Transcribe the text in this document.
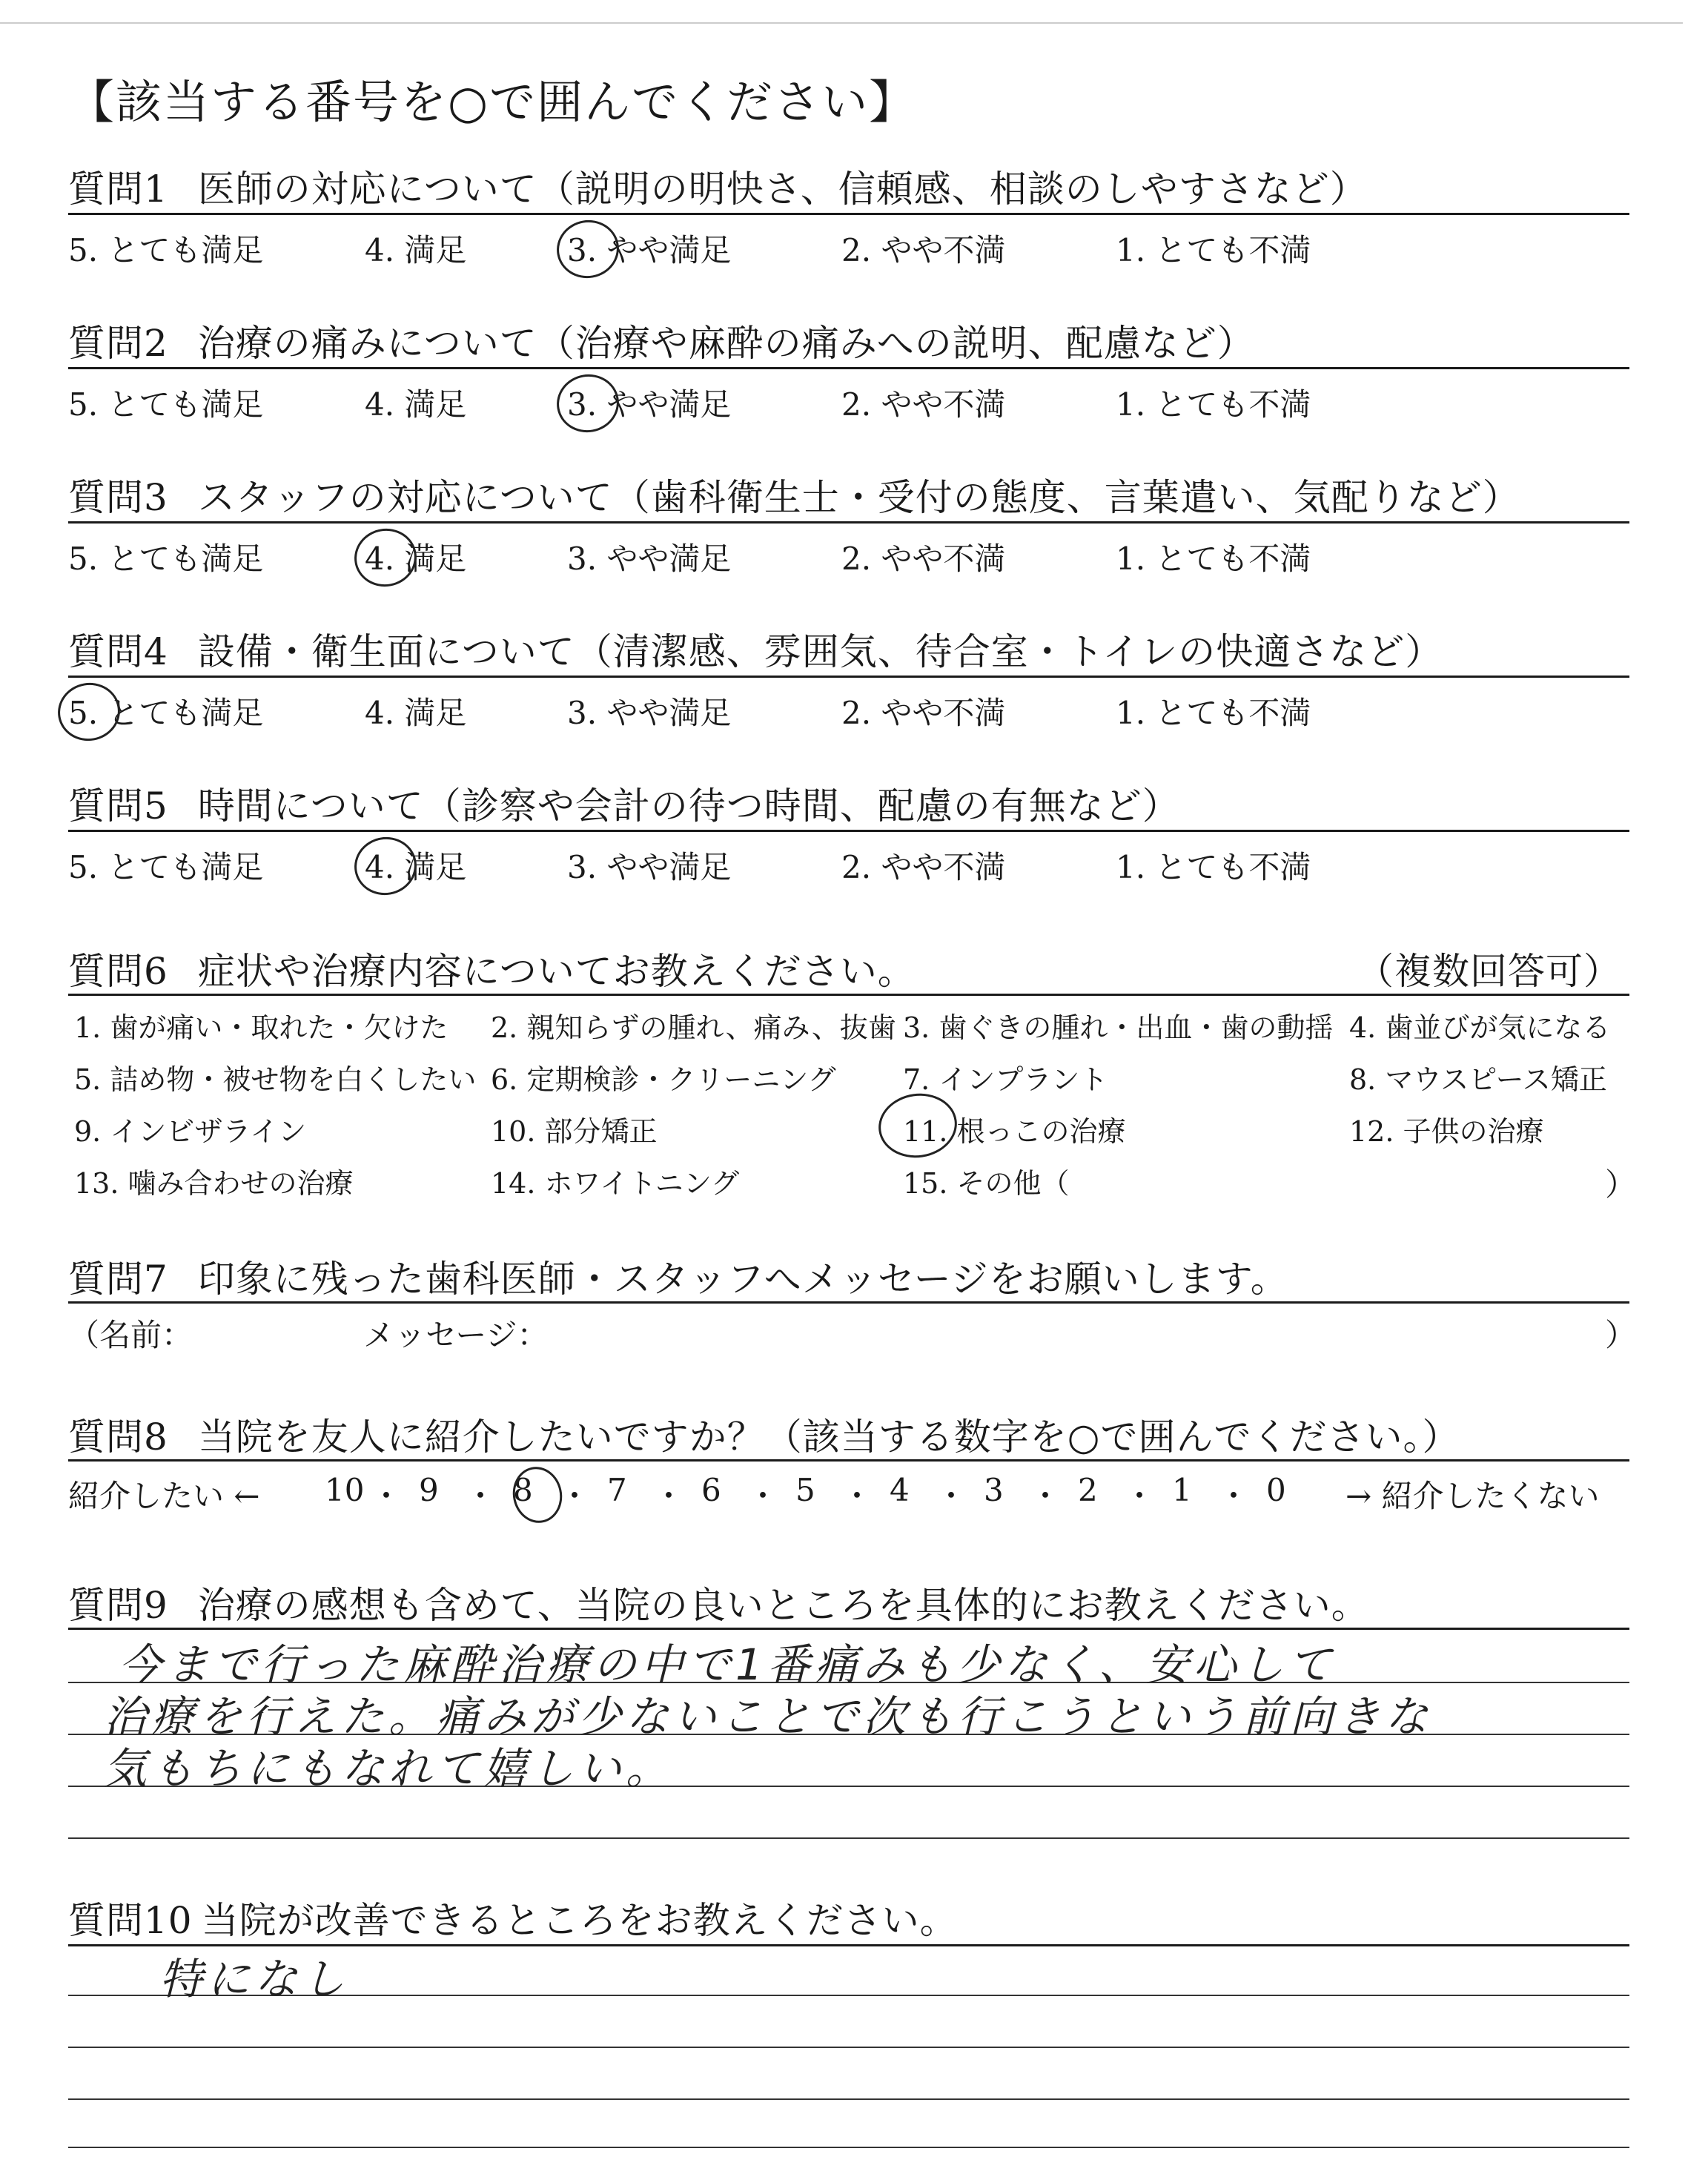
【該当する番号を○で囲んでください】
質問1 医師の対応について（説明の明快さ、信頼感、相談のしやすさなど）
5. とても満足	4. 満足	3. やや満足	2. やや不満	1. とても不満
質問2 治療の痛みについて（治療や麻酔の痛みへの説明、配慮など）
5. とても満足	4. 満足	3. やや満足	2. やや不満	1. とても不満
質問3 スタッフの対応について（歯科衛生士・受付の態度、言葉遣い、気配りなど）
5. とても満足	4. 満足	3. やや満足	2. やや不満	1. とても不満
質問4 設備・衛生面について（清潔感、雰囲気、待合室・トイレの快適さなど）
5. とても満足	4. 満足	3. やや満足	2. やや不満	1. とても不満
質問5 時間について（診察や会計の待つ時間、配慮の有無など）
5. とても満足	4. 満足	3. やや満足	2. やや不満	1. とても不満
質問6 症状や治療内容についてお教えください。	（複数回答可）
1. 歯が痛い・取れた・欠けた 2. 親知らずの腫れ、痛み、抜歯 3. 歯ぐきの腫れ・出血・歯の動揺 4. 歯並びが気になる
5. 詰め物・被せ物を白くしたい 6. 定期検診・クリーニング 7. インプラント	8. マウスピース矯正
9. インビザライン	10. 部分矯正	11. 根っこの治療	12. 子供の治療
13. 噛み合わせの治療	14. ホワイトニング	15. その他（	）
質問7 印象に残った歯科医師・スタッフへメッセージをお願いします。
（名前：	メッセージ：	）
質問8 当院を友人に紹介したいですか？（該当する数字を○で囲んでください。）
紹介したい ← 10 ・ 9 ・ 8 ・ 7 ・ 6 ・ 5 ・ 4 ・ 3 ・ 2 ・ 1 ・ 0 → 紹介したくない
質問9 治療の感想も含めて、当院の良いところを具体的にお教えください。
今まで行った麻酔治療の中で1番痛みも少なく、安心して
治療を行えた。痛みが少ないことで次も行こうという前向きな
気もちにもなれて嬉しい。
質問10 当院が改善できるところをお教えください。
特になし
